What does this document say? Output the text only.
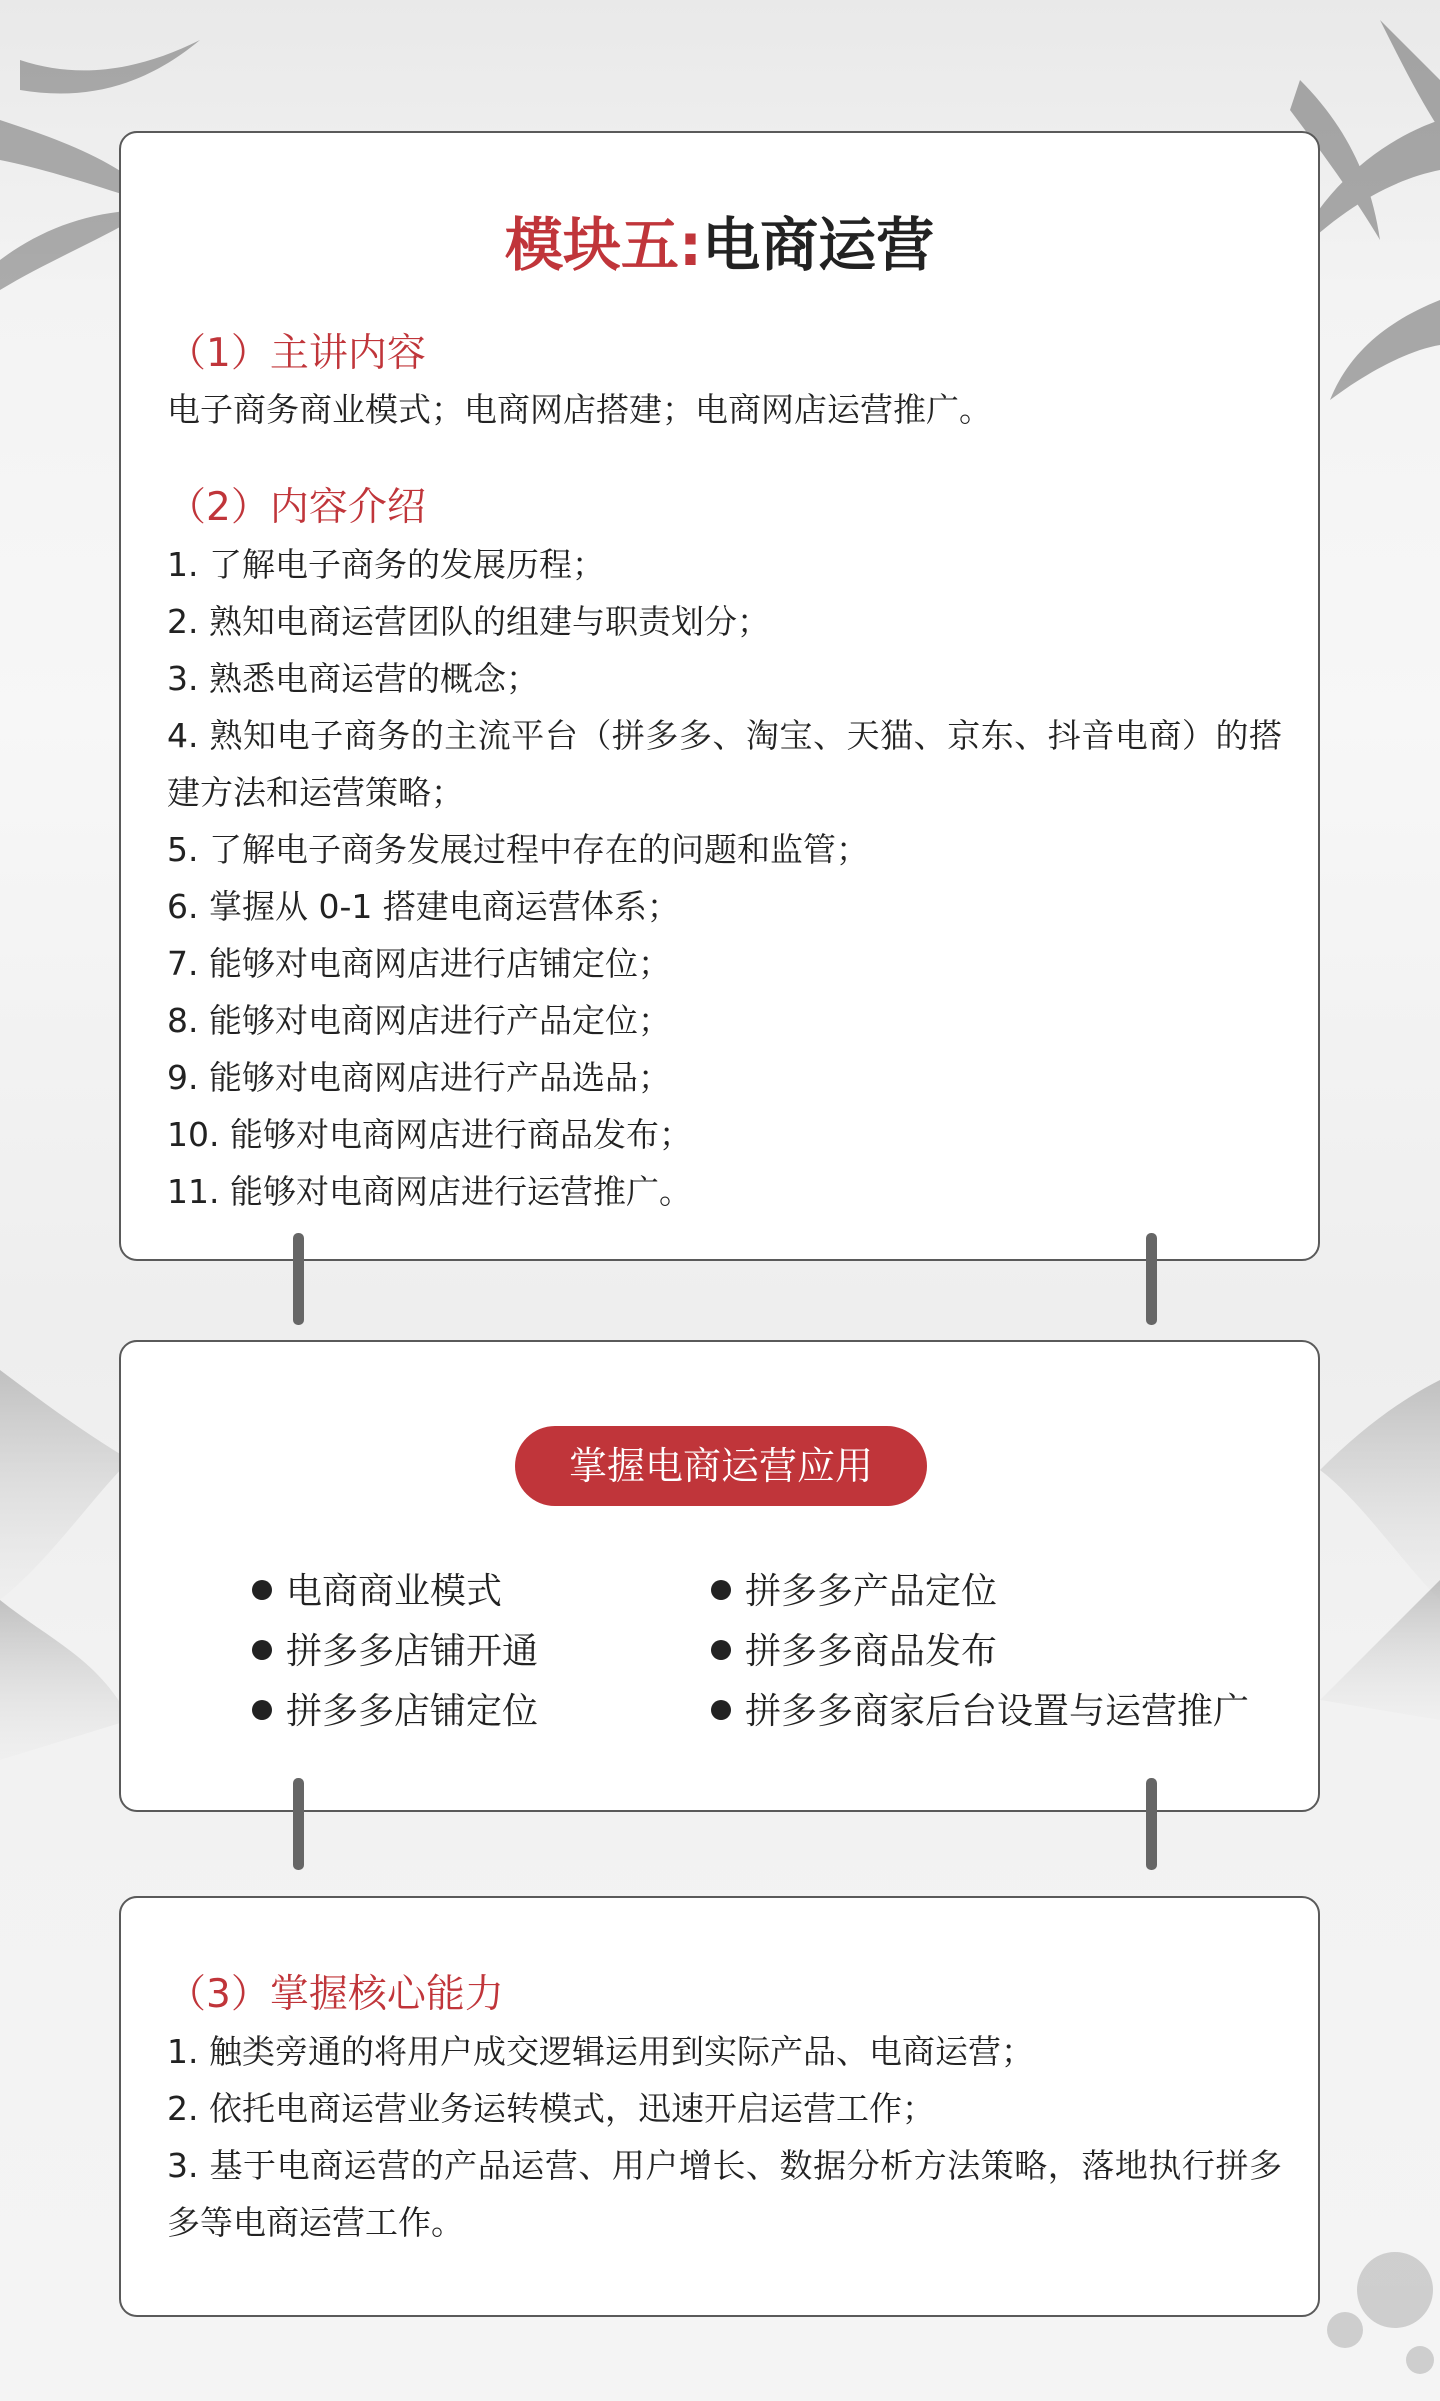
模块五:电商运营
（1）主讲内容
电子商务商业模式；电商网店搭建；电商网店运营推广。
（2）内容介绍
1. 了解电子商务的发展历程；
2. 熟知电商运营团队的组建与职责划分；
3. 熟悉电商运营的概念；
4. 熟知电子商务的主流平台（拼多多、淘宝、天猫、京东、抖音电商）的搭建方法和运营策略；
5. 了解电子商务发展过程中存在的问题和监管；
6. 掌握从 0-1 搭建电商运营体系；
7. 能够对电商网店进行店铺定位；
8. 能够对电商网店进行产品定位；
9. 能够对电商网店进行产品选品；
10. 能够对电商网店进行商品发布；
11. 能够对电商网店进行运营推广。
掌握电商运营应用
电商商业模式
拼多多店铺开通
拼多多店铺定位
拼多多产品定位
拼多多商品发布
拼多多商家后台设置与运营推广
（3）掌握核心能力
1. 触类旁通的将用户成交逻辑运用到实际产品、电商运营；
2. 依托电商运营业务运转模式，迅速开启运营工作；
3. 基于电商运营的产品运营、用户增长、数据分析方法策略，落地执行拼多多等电商运营工作。
